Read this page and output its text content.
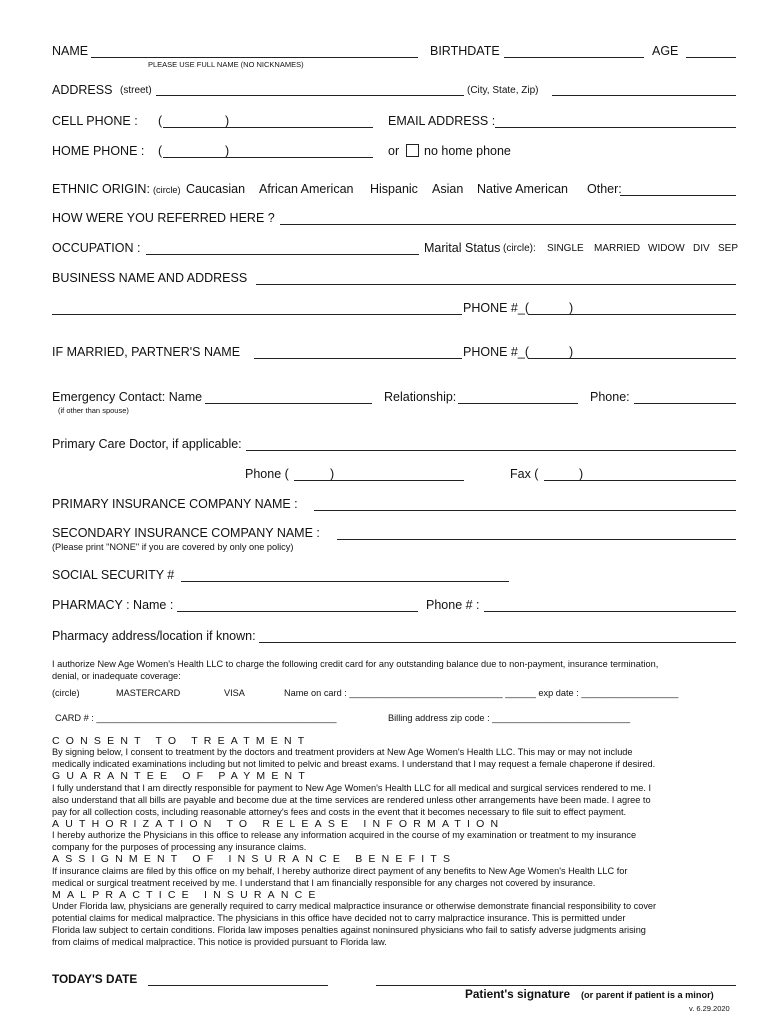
NAME
PLEASE USE FULL NAME (NO NICKNAMES)
BIRTHDATE	AGE
ADDRESS (street)	(City, State, Zip)
CELL PHONE : (	)	EMAIL ADDRESS :
HOME PHONE : (	)	or no home phone
ETHNIC ORIGIN: (circle) Caucasian African American Hispanic Asian Native American Other:
HOW WERE YOU REFERRED HERE ?
OCCUPATION :	Marital Status (circle): SINGLE MARRIED WIDOW DIV SEP
BUSINESS NAME AND ADDRESS
PHONE #_(	)
IF MARRIED, PARTNER'S NAME	PHONE #_(	)
Emergency Contact: Name
(if other than spouse)
Relationship:	Phone:
Primary Care Doctor, if applicable:
Phone (	)	Fax (	)
PRIMARY INSURANCE COMPANY NAME :
SECONDARY INSURANCE COMPANY NAME :
(Please print "NONE" if you are covered by only one policy)
SOCIAL SECURITY #
PHARMACY : Name :	Phone # :
Pharmacy address/location if known:
I authorize New Age Women's Health LLC to charge the following credit card for any outstanding balance due to non-payment, insurance termination,
denial, or inadequate coverage:
(circle)	MASTERCARD	VISA	Name on card : ______________________________ ______ exp date : ___________________
CARD # : _______________________________________________	Billing address zip code : ___________________________
CONSENT TO TREATMENT
By signing below, I consent to treatment by the doctors and treatment providers at New Age Women's Health LLC. This may or may not include
medically indicated examinations including but not limited to pelvic and breast exams. I understand that I may request a female chaperone if desired.
GUARANTEE OF PAYMENT
I fully understand that I am directly responsible for payment to New Age Women's Health LLC for all medical and surgical services rendered to me. I
also understand that all bills are payable and become due at the time services are rendered unless other arrangements have been made. I agree to
pay for all collection costs, including reasonable attorney's fees and costs in the event that it becomes necessary to file suit to effect payment.
AUTHORIZATION TO RELEASE INFORMATION
I hereby authorize the Physicians in this office to release any information acquired in the course of my examination or treatment to my insurance
company for the purposes of processing any insurance claims.
ASSIGNMENT OF INSURANCE BENEFITS
If insurance claims are filed by this office on my behalf, I hereby authorize direct payment of any benefits to New Age Women's Health LLC for
medical or surgical treatment received by me. I understand that I am financially responsible for any charges not covered by insurance.
MALPRACTICE INSURANCE
Under Florida law, physicians are generally required to carry medical malpractice insurance or otherwise demonstrate financial responsibility to cover
potential claims for medical malpractice. The physicians in this office have decided not to carry malpractice insurance. This is permitted under
Florida law subject to certain conditions. Florida law imposes penalties against noninsured physicians who fail to satisfy adverse judgments arising
from claims of medical malpractice. This notice is provided pursuant to Florida law.
TODAY'S DATE
Patient's signature (or parent if patient is a minor)
v. 6.29.2020
